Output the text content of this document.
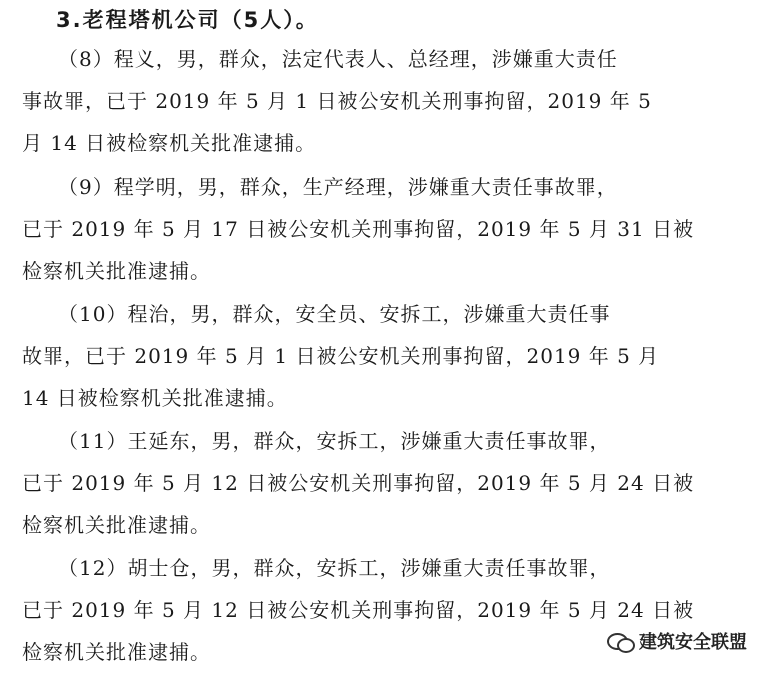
3.老程塔机公司（5人）。
（8）程义，男，群众，法定代表人、总经理，涉嫌重大责任
事故罪，已于 2019 年 5 月 1 日被公安机关刑事拘留，2019 年 5
月 14 日被检察机关批准逮捕。
（9）程学明，男，群众，生产经理，涉嫌重大责任事故罪，
已于 2019 年 5 月 17 日被公安机关刑事拘留，2019 年 5 月 31 日被
检察机关批准逮捕。
（10）程治，男，群众，安全员、安拆工，涉嫌重大责任事
故罪，已于 2019 年 5 月 1 日被公安机关刑事拘留，2019 年 5 月
14 日被检察机关批准逮捕。
（11）王延东，男，群众，安拆工，涉嫌重大责任事故罪，
已于 2019 年 5 月 12 日被公安机关刑事拘留，2019 年 5 月 24 日被
检察机关批准逮捕。
（12）胡士仓，男，群众，安拆工，涉嫌重大责任事故罪，
已于 2019 年 5 月 12 日被公安机关刑事拘留，2019 年 5 月 24 日被
检察机关批准逮捕。	建筑安全联盟
